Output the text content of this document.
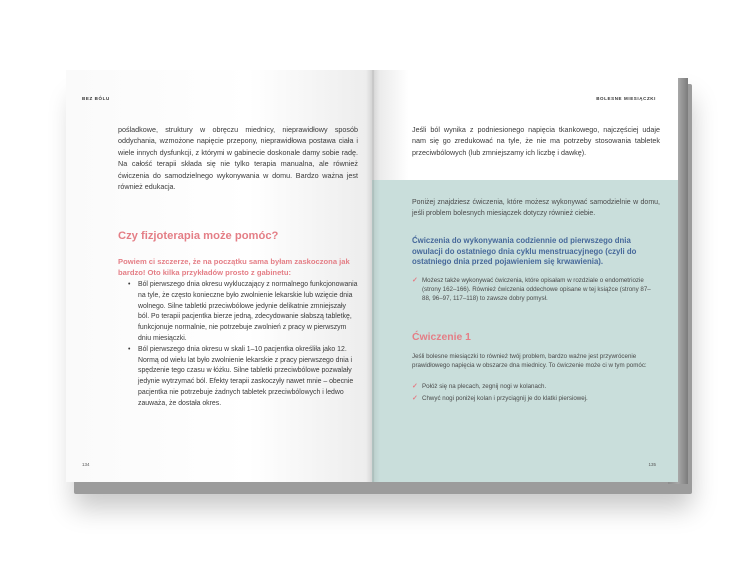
BEZ BÓLU

pośladkowe, struktury w obręczu miednicy, nieprawidłowy sposób oddychania, wzmożone napięcie przepony, nieprawidłowa postawa ciała i wiele innych dysfunkcji, z którymi w gabinecie doskonale damy sobie radę. Na całość terapii składa się nie tylko terapia manualna, ale również ćwiczenia do samodzielnego wykonywania w domu. Bardzo ważna jest również edukacja.

Czy fizjoterapia może pomóc?

Powiem ci szczerze, że na początku sama byłam zaskoczona jak bardzo! Oto kilka przykładów prosto z gabinetu:

• Ból pierwszego dnia okresu wykluczający z normalnego funkcjonowania na tyle, że często konieczne było zwolnienie lekarskie lub wzięcie dnia wolnego. Silne tabletki przeciwbólowe jedynie delikatnie zmniejszały ból. Po terapii pacjentka bierze jedną, zdecydowanie słabszą tabletkę, funkcjonuje normalnie, nie potrzebuje zwolnień z pracy w pierwszym dniu miesiączki.
• Ból pierwszego dnia okresu w skali 1–10 pacjentka określiła jako 12. Normą od wielu lat było zwolnienie lekarskie z pracy pierwszego dnia i spędzenie tego czasu w łóżku. Silne tabletki przeciwbólowe pozwalały jedynie wytrzymać ból. Efekty terapii zaskoczyły nawet mnie – obecnie pacjentka nie potrzebuje żadnych tabletek przeciwbólowych i ledwo zauważa, że dostała okres.
134
BOLESNE MIESIĄCZKI

Jeśli ból wynika z podniesionego napięcia tkankowego, najczęściej udaje nam się go zredukować na tyle, że nie ma potrzeby stosowania tabletek przeciwbólowych (lub zmniejszamy ich liczbę i dawkę).

Poniżej znajdziesz ćwiczenia, które możesz wykonywać samodzielnie w domu, jeśli problem bolesnych miesiączek dotyczy również ciebie.

Ćwiczenia do wykonywania codziennie od pierwszego dnia owulacji do ostatniego dnia cyklu menstruacyjnego (czyli do ostatniego dnia przed pojawieniem się krwawienia).

✓ Możesz także wykonywać ćwiczenia, które opisałam w rozdziale o endometriozie (strony 162–166). Również ćwiczenia oddechowe opisane w tej książce (strony 87–88, 96–97, 117–118) to zawsze dobry pomysł.
Ćwiczenie 1

Jeśli bolesne miesiączki to również twój problem, bardzo ważne jest przywrócenie prawidłowego napięcia w obszarze dna miednicy. To ćwiczenie może ci w tym pomóc:

✓ Połóż się na plecach, zegnij nogi w kolanach.
✓ Chwyć nogi poniżej kolan i przyciągnij je do klatki piersiowej.
135
